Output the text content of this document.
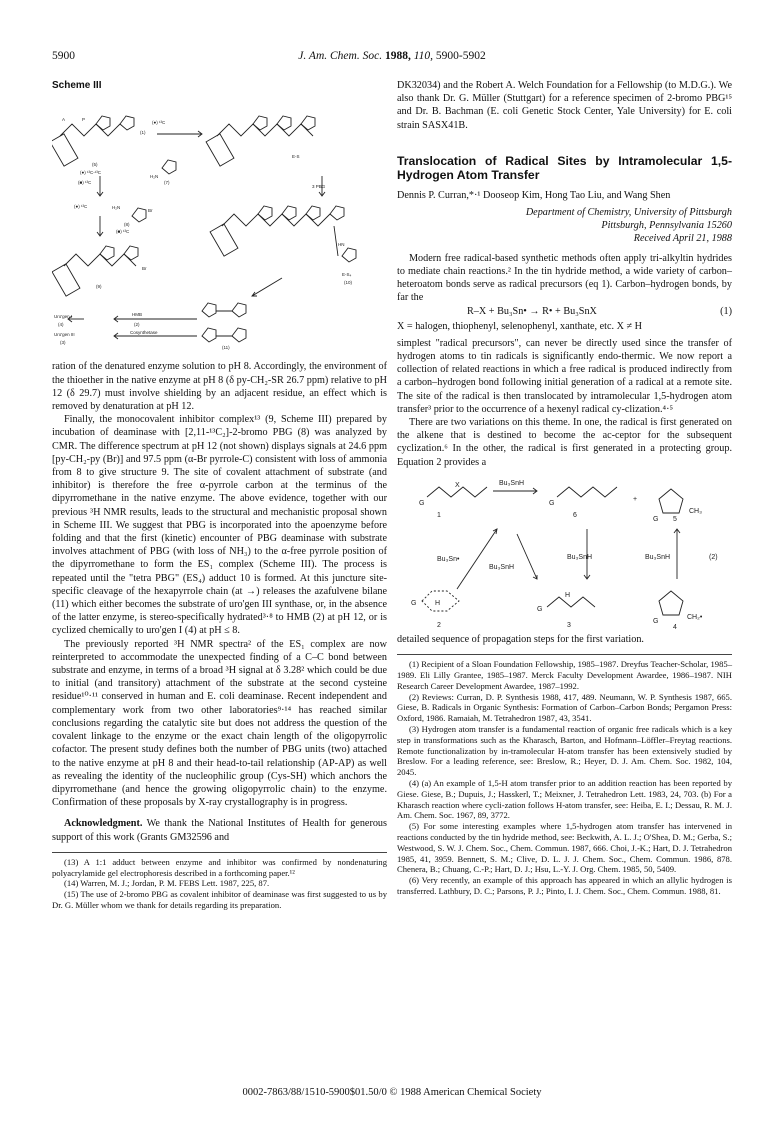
5900	J. Am. Chem. Soc. 1988, 110, 5900-5902
Scheme III
A	P
(●) ¹³C
(5)
(●) ¹³C-¹³C
(7)
H₂N
E-S
3 PBG
(●) ¹³C	H₂N
Br
(8)
(■) ¹³C
(9)
Br
E-S₄
(10)
HN
(11)
Uro'gen I
(4)
Uro'gen III
(3)
HMB
(2)
Cosynthetase
(1)
(■) ¹³C

ration of the denatured enzyme solution to pH 8. Accordingly, the environment of the thioether in the native enzyme at pH 8 (δ py-CH₂-SR 26.7 ppm) relative to pH 12 (δ 29.7) must involve shielding by an adjacent residue, an effect which is removed by denaturation at pH 12.

Finally, the monocovalent inhibitor complex¹³ (9, Scheme III) prepared by incubation of deaminase with [2,11-¹³C₂]-2-bromo PBG (8) was analyzed by CMR. The difference spectrum at pH 12 (not shown) displays signals at 24.6 ppm [py-CH₂-py (Br)] and 97.5 ppm (α-Br pyrrole-C) consistent with loss of ammonia from 8 to give structure 9. The site of covalent attachment of substrate (and inhibitor) is therefore the free α-pyrrole carbon at the terminus of the dipyrromethane in the native enzyme. The above evidence, together with our previous ³H NMR results, leads to the structural and mechanistic proposal shown in Scheme III. We suggest that PBG is incorporated into the apoenzyme before folding and that the first (kinetic) encounter of PBG deaminase with substrate involves attachment of PBG (with loss of NH₃) to the α-free pyrrole position of the dipyrromethane to form the ES₁ complex (Scheme III). The process is repeated until the "tetra PBG" (ES₄) adduct 10 is formed. At this juncture site-specific cleavage of the hexapyrrole chain (at →) releases the azafulvene bilane (11) which either becomes the substrate of uro'gen III synthase, or, in the absence of the latter enzyme, is stereo-specifically hydrated³·⁸ to HMB (2) at pH 12, or is cyclized chemically to uro'gen I (4) at pH ≤ 8.

The previously reported ³H NMR spectra² of the ES₁ complex are now reinterpreted to accommodate the unexpected finding of a C–C bond between substrate and enzyme, in terms of a broad ³H signal at δ 3.28² which could be due to initial (and transitory) attachment of the substrate at the second cysteine residue¹⁰·¹¹ conserved in human and E. coli deaminase. Recent independent and complementary work from two other laboratories⁹·¹⁴ has reached similar conclusions regarding the catalytic site but does not address the question of the covalent linkage to the enzyme or the exact chain length of the oligopyrrolic cofactor. The present study defines both the number of PBG units (two) attached to the native enzyme at pH 8 and their head-to-tail relationship (AP-AP) as well as revealing the identity of the nucleophilic group (Cys-SH) which anchors the dipyrromethane (and hence the growing oligopyrrolic chain) to the enzyme. Confirmation of these proposals by X-ray crystallography is in progress.

Acknowledgment. We thank the National Institutes of Health for generous support of this work (Grants GM32596 and

(13) A 1:1 adduct between enzyme and inhibitor was confirmed by nondenaturing polyacrylamide gel electrophoresis described in a forthcoming paper.¹²

(14) Warren, M. J.; Jordan, P. M. FEBS Lett. 1987, 225, 87.

(15) The use of 2-bromo PBG as covalent inhibitor of deaminase was first suggested to us by Dr. G. Müller whom we thank for details regarding its preparation.

DK32034) and the Robert A. Welch Foundation for a Fellowship (to M.D.G.). We also thank Dr. G. Müller (Stuttgart) for a reference specimen of 2-bromo PBG¹⁵ and Dr. B. Bachman (E. coli Genetic Stock Center, Yale University) for E. coli strain SASX41B.

Translocation of Radical Sites by Intramolecular 1,5-Hydrogen Atom Transfer
Dennis P. Curran,*·¹ Dooseop Kim, Hong Tao Liu, and Wang Shen
Department of Chemistry, University of Pittsburgh
Pittsburgh, Pennsylvania 15260
Received April 21, 1988

Modern free radical-based synthetic methods often apply tri-alkyltin hydrides to mediate chain reactions.² In the tin hydride method, a wide variety of carbon–heteroatom bonds serve as radical precursors (eq 1). Carbon–hydrogen bonds, by far the

R–X + Bu₃Sn• → R• + Bu₃SnX	(1)

X = halogen, thiophenyl, selenophenyl, xanthate, etc. X ≠ H

simplest "radical precursors", can never be directly used since the transfer of hydrogen atoms to tin radicals is significantly endo-thermic. We now report a collection of related reactions in which a free radical is produced indirectly from a carbon–hydrogen bond following initial generation of a radical at a remote site. The site of the radical is then translocated by intramolecular 1,5-hydrogen atom transfer³ prior to the occurrence of a hexenyl radical cy-clization.⁴·⁵

There are two variations on this theme. In one, the radical is first generated on the alkene that is destined to become the ac-ceptor for the subsequent cyclization.⁶ In the other, the radical is first generated in a protecting group. Equation 2 provides a

G
X	Bu₃SnH
1
G
6
+
G
CH₃
5
Bu₃Sn•
Bu₃SnH
Bu₃SnH	Bu₃SnH	(2)
G	H
2
G
H
3
G
CH₂•
4

detailed sequence of propagation steps for the first variation.

(1) Recipient of a Sloan Foundation Fellowship, 1985–1987. Dreyfus Teacher-Scholar, 1985–1989. Eli Lilly Grantee, 1985–1987. Merck Faculty Development Awardee, 1986–1987. NIH Research Career Development Awardee, 1987–1992.

(2) Reviews: Curran, D. P. Synthesis 1988, 417, 489. Neumann, W. P. Synthesis 1987, 665. Giese, B. Radicals in Organic Synthesis: Formation of Carbon–Carbon Bonds; Pergamon Press: Oxford, 1986. Ramaiah, M. Tetrahedron 1987, 43, 3541.

(3) Hydrogen atom transfer is a fundamental reaction of organic free radicals which is a key step in transformations such as the Kharasch, Barton, and Hofmann–Löffler–Freytag reactions. Remote functionalization by in-tramolecular H-atom transfer has been extensively studied by Breslow. For a leading reference, see: Breslow, R.; Heyer, D. J. Am. Chem. Soc. 1982, 104, 2045.

(4) (a) An example of 1,5-H atom transfer prior to an addition reaction has been reported by Giese. Giese, B.; Dupuis, J.; Hasskerl, T.; Meixner, J. Tetrahedron Lett. 1983, 24, 703. (b) For a Kharasch reaction where cycli-zation follows H-atom transfer, see: Heiba, E. I.; Dessau, R. M. J. Am. Chem. Soc. 1967, 89, 3772.

(5) For some interesting examples where 1,5-hydrogen atom transfer has intervened in reactions conducted by the tin hydride method, see: Beckwith, A. L. J.; O'Shea, D. M.; Gerba, S.; Westwood, S. W. J. Chem. Soc., Chem. Commun. 1987, 666. Choi, J.-K.; Hart, D. J. Tetrahedron 1985, 41, 3959. Bennett, S. M.; Clive, D. L. J. J. Chem. Soc., Chem. Commun. 1986, 878. Chenera, B.; Chuang, C.-P.; Hart, D. J.; Hsu, L.-Y. J. Org. Chem. 1985, 50, 5409.

(6) Very recently, an example of this approach has appeared in which an allylic hydrogen is transferred. Lathbury, D. C.; Parsons, P. J.; Pinto, I. J. Chem. Soc., Chem. Commun. 1988, 81.

0002-7863/88/1510-5900$01.50/0 © 1988 American Chemical Society
